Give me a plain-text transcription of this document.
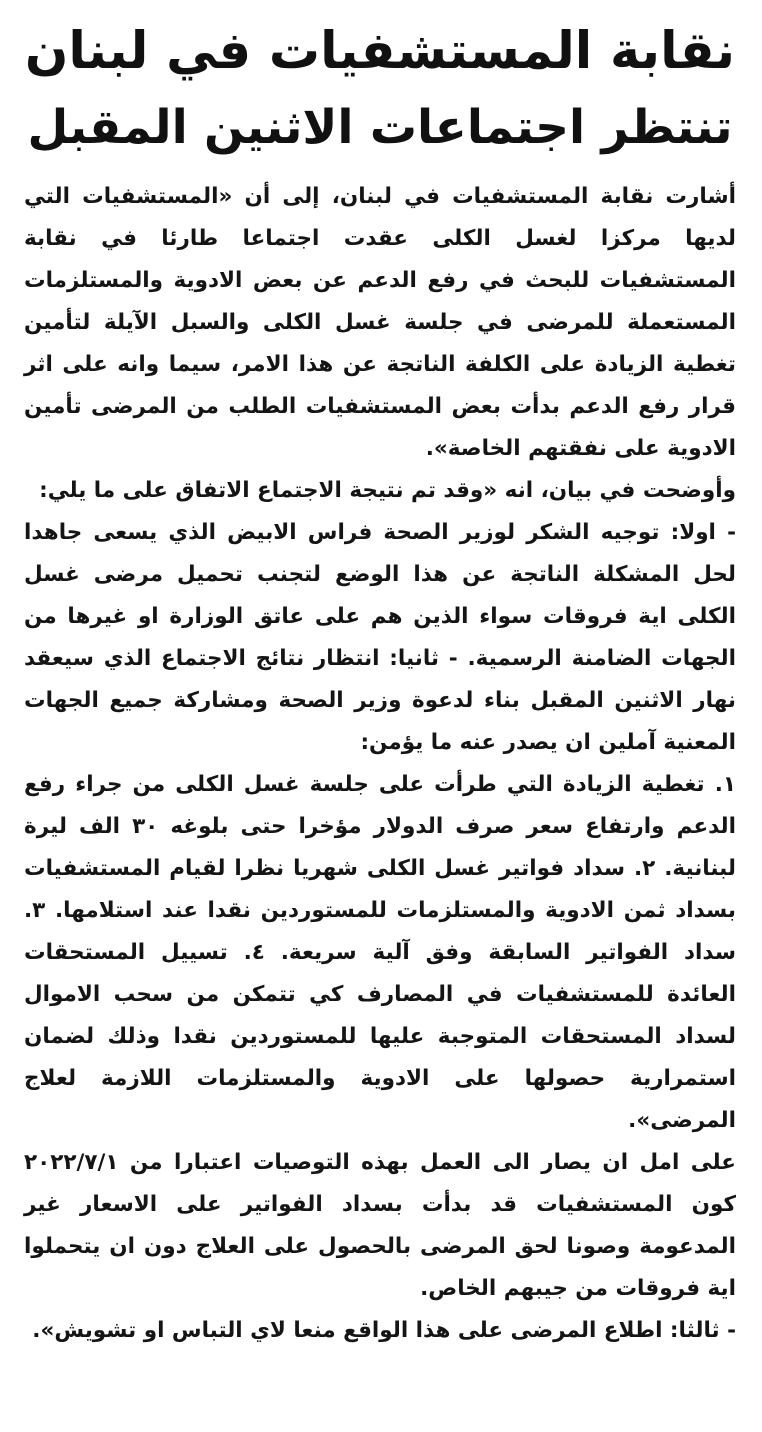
نقابة المستشفيات في لبنان
تنتظر اجتماعات الاثنين المقبل

أشارت نقابة المستشفيات في لبنان، إلى أن «المستشفيات التي لديها مركزا لغسل الكلى عقدت اجتماعا طارئا في نقابة المستشفيات للبحث في رفع الدعم عن بعض الادوية والمستلزمات المستعملة للمرضى في جلسة غسل الكلى والسبل الآيلة لتأمين تغطية الزيادة على الكلفة الناتجة عن هذا الامر، سيما وانه على اثر قرار رفع الدعم بدأت بعض المستشفيات الطلب من المرضى تأمين الادوية على نفقتهم الخاصة».

وأوضحت في بيان، انه «وقد تم نتيجة الاجتماع الاتفاق على ما يلي:

- اولا: توجيه الشكر لوزير الصحة فراس الابيض الذي يسعى جاهدا لحل المشكلة الناتجة عن هذا الوضع لتجنب تحميل مرضى غسل الكلى اية فروقات سواء الذين هم على عاتق الوزارة او غيرها من الجهات الضامنة الرسمية. - ثانيا: انتظار نتائج الاجتماع الذي سيعقد نهار الاثنين المقبل بناء لدعوة وزير الصحة ومشاركة جميع الجهات المعنية آملين ان يصدر عنه ما يؤمن:

١. تغطية الزيادة التي طرأت على جلسة غسل الكلى من جراء رفع الدعم وارتفاع سعر صرف الدولار مؤخرا حتى بلوغه ٣٠ الف ليرة لبنانية. ٢. سداد فواتير غسل الكلى شهريا نظرا لقيام المستشفيات بسداد ثمن الادوية والمستلزمات للمستوردين نقدا عند استلامها. ٣. سداد الفواتير السابقة وفق آلية سريعة. ٤. تسييل المستحقات العائدة للمستشفيات في المصارف كي تتمكن من سحب الاموال لسداد المستحقات المتوجبة عليها للمستوردين نقدا وذلك لضمان استمرارية حصولها على الادوية والمستلزمات اللازمة لعلاج المرضى».

على امل ان يصار الى العمل بهذه التوصيات اعتبارا من ٢٠٢٢/٧/١ كون المستشفيات قد بدأت بسداد الفواتير على الاسعار غير المدعومة وصونا لحق المرضى بالحصول على العلاج دون ان يتحملوا اية فروقات من جيبهم الخاص.

- ثالثا: اطلاع المرضى على هذا الواقع منعا لاي التباس او تشويش».
